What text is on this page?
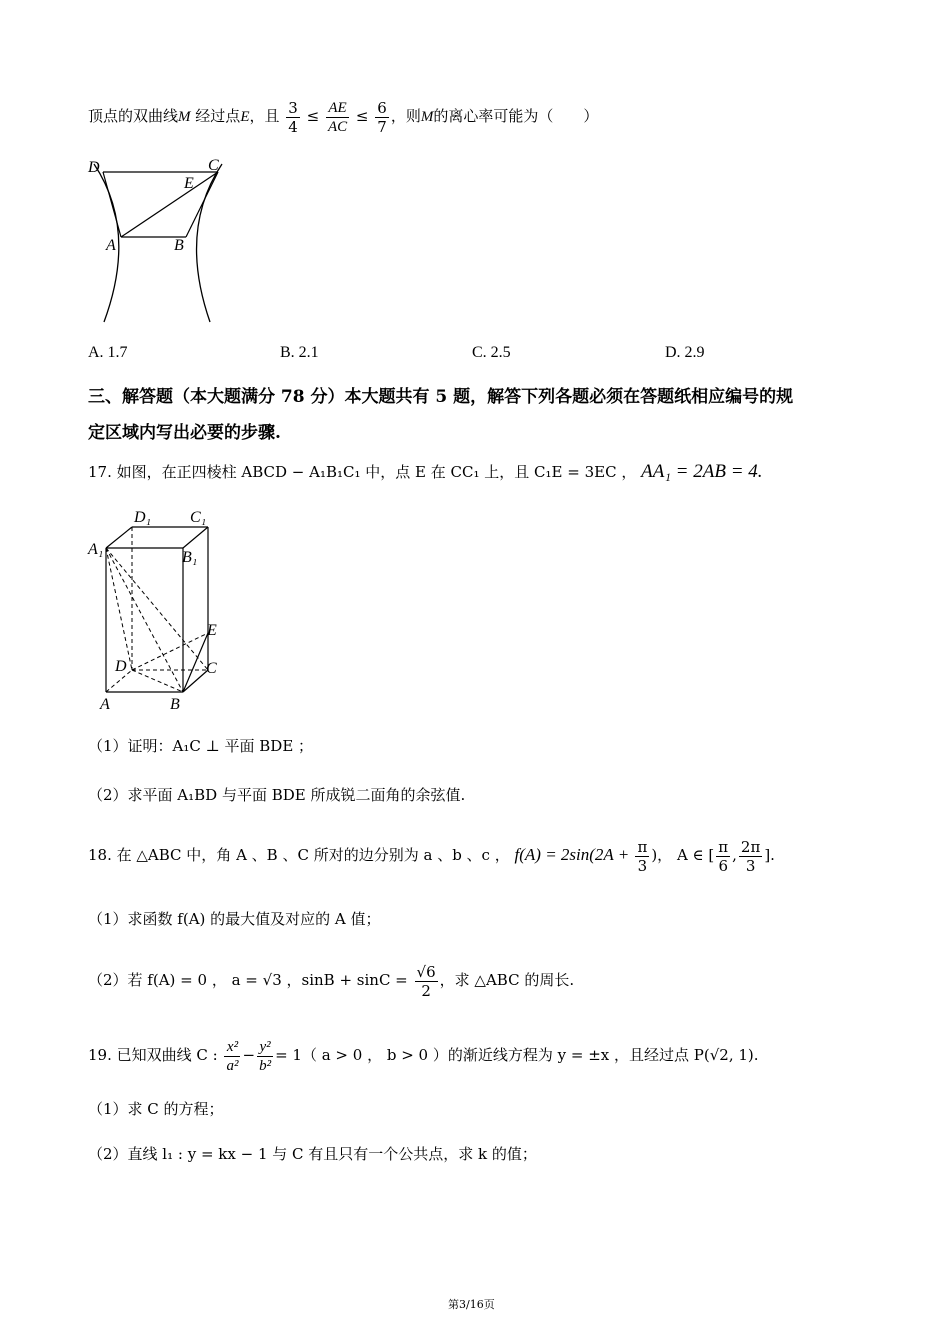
顶点的双曲线M 经过点E，且 $\frac{3}{4} \le \frac{AE}{AC} \le \frac{6}{7}$ ，则M的离心率可能为（　　）
D	C
E
A	B
A. 1.7	B. 2.1	C. 2.5	D. 2.9
三、解答题（本大题满分 78 分）本大题共有 5 题，解答下列各题必须在答题纸相应编号的规
定区域内写出必要的步骤.
17. 如图，在正四棱柱 ABCD − A₁B₁C₁ 中，点 E 在 CC₁ 上，且 C₁E = 3EC ， AA₁ = 2AB = 4.
D₁ C₁
A₁	B₁
E
D	C
A	B
（1）证明：A₁C ⊥ 平面 BDE ；
（2）求平面 A₁BD 与平面 BDE 所成锐二面角的余弦值.
18. 在 △ABC 中，角 A 、B 、C 所对的边分别为 a 、b 、c ， $f(A) = 2\sin(2A + \frac{\pi}{3}$ )， A ∈ [ $\frac{\pi}{6}$ , $\frac{2\pi}{3}$ ].
（1）求函数 f(A) 的最大值及对应的 A 值；
（2）若 f(A) = 0 ， a = √3 ，$\sin B + \sin C = \frac{√6}{2}$ ，求 △ABC 的周长.
19. 已知双曲线 C : $\frac{\text{x²}}{\text{a²}} - \frac{\text{y²}}{\text{b²}} = 1$（ a > 0 ， b > 0 ）的渐近线方程为 y = ±x ，且经过点 P(√2, 1).
（1）求 C 的方程；
（2）直线 l₁ : y = kx − 1 与 C 有且只有一个公共点，求 k 的值；
第3/16页
